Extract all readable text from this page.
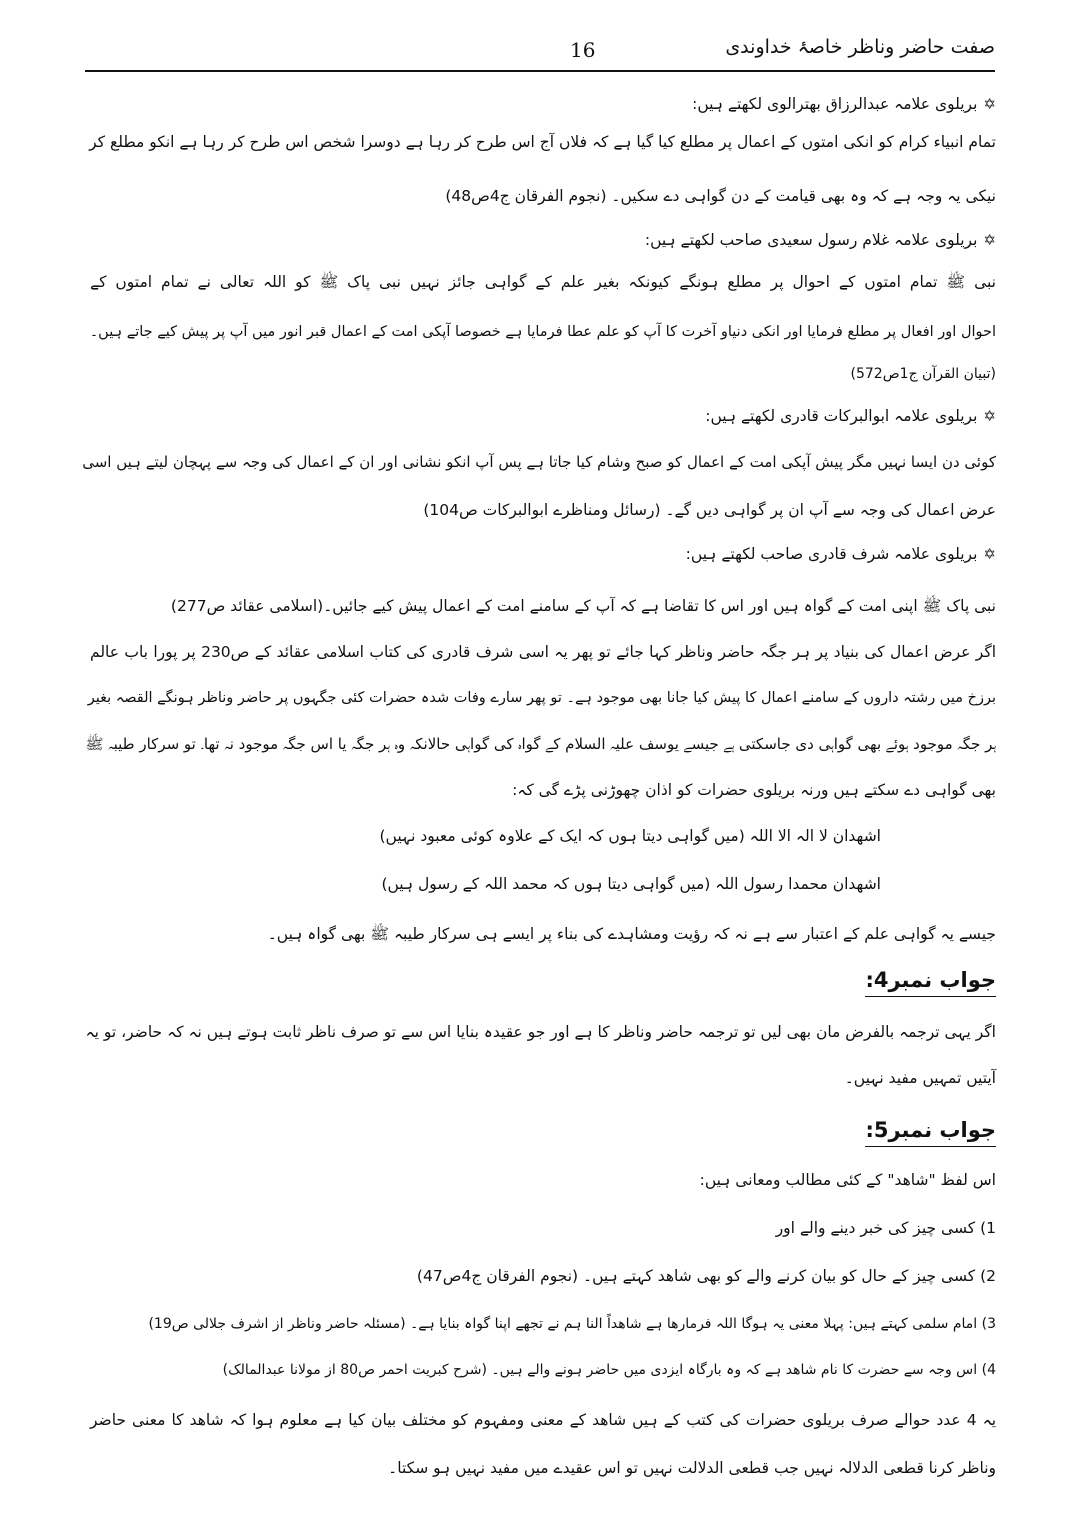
صفت حاضر وناظر خاصۂ خداوندی
16
✡بریلوی علامہ عبدالرزاق بھترالوی لکھتے ہیں:
تمام انبیاء کرام کو انکی امتوں کے اعمال پر مطلع کیا گیا ہے کہ فلاں آج اس طرح کر رہا ہے دوسرا شخص اس طرح کر رہا ہے انکو مطلع کر
نیکی یہ وجہ ہے کہ وہ بھی قیامت کے دن گواہی دے سکیں۔ (نجوم الفرقان ج4ص48)
✡بریلوی علامہ غلام رسول سعیدی صاحب لکھتے ہیں:
نبی ﷺ تمام امتوں کے احوال پر مطلع ہونگے کیونکہ بغیر علم کے گواہی جائز نہیں نبی پاک ﷺ کو اللہ تعالی نے تمام امتوں کے
احوال اور افعال پر مطلع فرمایا اور انکی دنیاو آخرت کا آپ کو علم عطا فرمایا ہے خصوصا آپکی امت کے اعمال قبر انور میں آپ پر پیش کیے جاتے ہیں۔
(تبیان القرآن ج1ص572)
✡بریلوی علامہ ابوالبرکات قادری لکھتے ہیں:
کوئی دن ایسا نہیں مگر پیش آپکی امت کے اعمال کو صبح وشام کیا جاتا ہے پس آپ انکو نشانی اور ان کے اعمال کی وجہ سے پہچان لیتے ہیں اسی
عرض اعمال کی وجہ سے آپ ان پر گواہی دیں گے۔ (رسائل ومناظرے ابوالبرکات ص104)
✡بریلوی علامہ شرف قادری صاحب لکھتے ہیں:
نبی پاک ﷺ اپنی امت کے گواہ ہیں اور اس کا تقاضا ہے کہ آپ کے سامنے امت کے اعمال پیش کیے جائیں۔(اسلامی عقائد ص277)
اگر عرض اعمال کی بنیاد پر ہر جگہ حاضر وناظر کہا جائے تو پھر یہ اسی شرف قادری کی کتاب اسلامی عقائد کے ص230 پر پورا باب عالم
برزخ میں رشتہ داروں کے سامنے اعمال کا پیش کیا جانا بھی موجود ہے۔ تو پھر سارے وفات شدہ حضرات کئی جگہوں پر حاضر وناظر ہونگے القصہ بغیر
ہر جگہ موجود ہوئے بھی گواہی دی جاسکتی ہے جیسے یوسف علیہ السلام کے گواہ کی گواہی حالانکہ وہ ہر جگہ یا اس جگہ موجود نہ تھا۔ تو سرکار طیبہ ﷺ
بھی گواہی دے سکتے ہیں ورنہ بریلوی حضرات کو اذان چھوڑنی پڑے گی کہ:
اشھدان لا الہ الا اللہ (میں گواہی دیتا ہوں کہ ایک کے علاوہ کوئی معبود نہیں)
اشھدان محمدا رسول اللہ (میں گواہی دیتا ہوں کہ محمد اللہ کے رسول ہیں)
جیسے یہ گواہی علم کے اعتبار سے ہے نہ کہ رؤیت ومشاہدے کی بناء پر ایسے ہی سرکار طیبہ ﷺ بھی گواہ ہیں۔
جواب نمبر4:
اگر یہی ترجمہ بالفرض مان بھی لیں تو ترجمہ حاضر وناظر کا ہے اور جو عقیدہ بنایا اس سے تو صرف ناظر ثابت ہوتے ہیں نہ کہ حاضر، تو یہ
آیتیں تمہیں مفید نہیں۔
جواب نمبر5:
اس لفظ "شاھد" کے کئی مطالب ومعانی ہیں:
1) کسی چیز کی خبر دینے والے اور
2) کسی چیز کے حال کو بیان کرنے والے کو بھی شاھد کہتے ہیں۔ (نجوم الفرقان ج4ص47)
3) امام سلمی کہتے ہیں: پہلا معنی یہ ہوگا اللہ فرمارھا ہے شاھداً النا ہم نے تجھے اپنا گواہ بنایا ہے۔ (مسئلہ حاضر وناظر از اشرف جلالی ص19)
4) اس وجہ سے حضرت کا نام شاھد ہے کہ وہ بارگاہ ایزدی میں حاضر ہونے والے ہیں۔ (شرح کبریت احمر ص80 از مولانا عبدالمالک)
یہ 4 عدد حوالے صرف بریلوی حضرات کی کتب کے ہیں شاھد کے معنی ومفہوم کو مختلف بیان کیا ہے معلوم ہوا کہ شاھد کا معنی حاضر
وناظر کرنا قطعی الدلالہ نہیں جب قطعی الدلالت نہیں تو اس عقیدے میں مفید نہیں ہو سکتا۔
